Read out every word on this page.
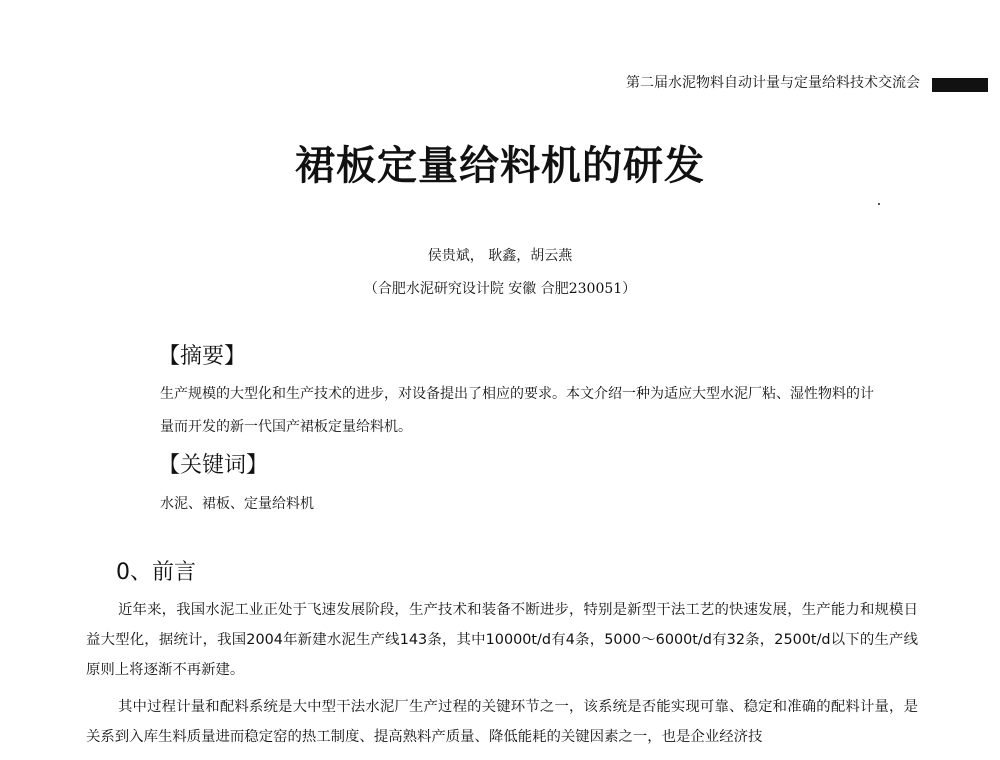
第二届水泥物料自动计量与定量给料技术交流会
裙板定量给料机的研发
侯贵斌， 耿鑫，胡云燕
（合肥水泥研究设计院 安徽 合肥230051）
【摘要】
生产规模的大型化和生产技术的进步，对设备提出了相应的要求。本文介绍一种为适应大型水泥厂粘、湿性物料的计量而开发的新一代国产裙板定量给料机。
【关键词】
水泥、裙板、定量给料机
0、前言

近年来，我国水泥工业正处于飞速发展阶段，生产技术和装备不断进步，特别是新型干法工艺的快速发展，生产能力和规模日益大型化，据统计，我国2004年新建水泥生产线143条，其中10000t/d有4条，5000～6000t/d有32条，2500t/d以下的生产线原则上将逐渐不再新建。

其中过程计量和配料系统是大中型干法水泥厂生产过程的关键环节之一，该系统是否能实现可靠、稳定和准确的配料计量，是关系到入库生料质量进而稳定窑的热工制度、提高熟料产质量、降低能耗的关键因素之一，也是企业经济技
